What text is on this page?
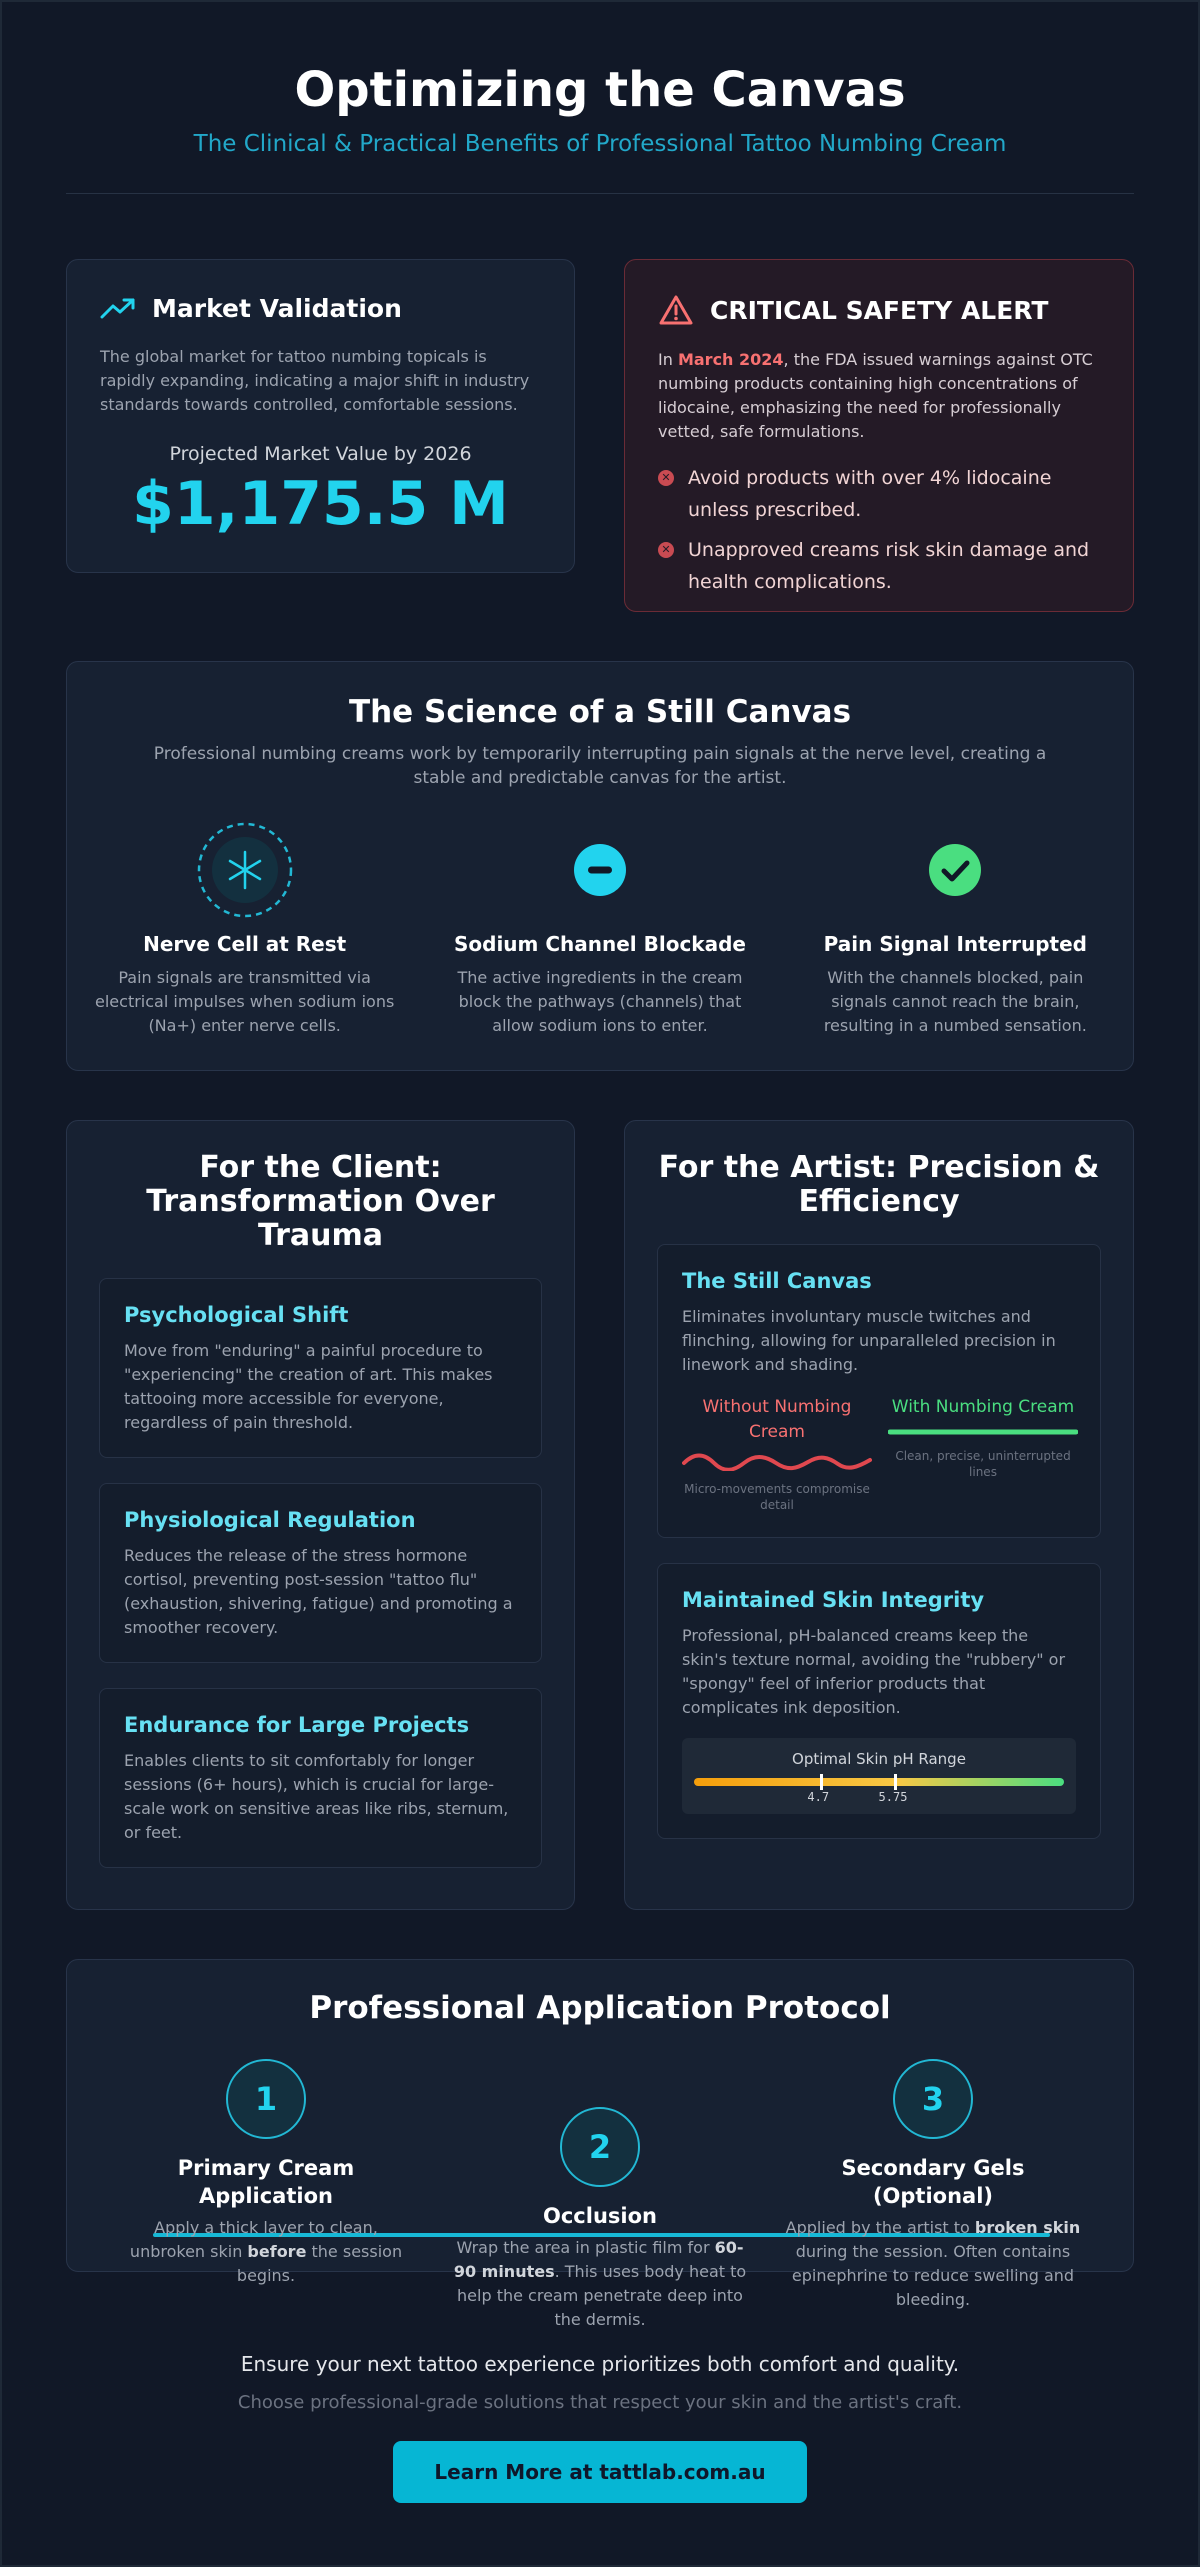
Optimizing the Canvas
The Clinical & Practical Benefits of Professional Tattoo Numbing Cream
Market Validation

The global market for tattoo numbing topicals is rapidly expanding, indicating a major shift in industry standards towards controlled, comfortable sessions.

Projected Market Value by 2026
$1,175.5 M
CRITICAL SAFETY ALERT

In March 2024, the FDA issued warnings against OTC numbing products containing high concentrations of lidocaine, emphasizing the need for professionally vetted, safe formulations.

✕ Avoid products with over 4% lidocaine unless prescribed.
✕ Unapproved creams risk skin damage and health complications.
The Science of a Still Canvas

Professional numbing creams work by temporarily interrupting pain signals at the nerve level, creating a stable and predictable canvas for the artist.

Nerve Cell at Rest
Pain signals are transmitted via electrical impulses when sodium ions (Na+) enter nerve cells.
Sodium Channel Blockade
The active ingredients in the cream block the pathways (channels) that allow sodium ions to enter.
Pain Signal Interrupted
With the channels blocked, pain signals cannot reach the brain, resulting in a numbed sensation.
For the Client: Transformation Over Trauma
Psychological Shift

Move from "enduring" a painful procedure to "experiencing" the creation of art. This makes tattooing more accessible for everyone, regardless of pain threshold.

Physiological Regulation

Reduces the release of the stress hormone cortisol, preventing post-session "tattoo flu" (exhaustion, shivering, fatigue) and promoting a smoother recovery.

Endurance for Large Projects

Enables clients to sit comfortably for longer sessions (6+ hours), which is crucial for large-scale work on sensitive areas like ribs, sternum, or feet.

For the Artist: Precision & Efficiency
The Still Canvas

Eliminates involuntary muscle twitches and flinching, allowing for unparalleled precision in linework and shading.

Without Numbing Cream
Micro-movements compromise detail
With Numbing Cream
Clean, precise, uninterrupted lines
Maintained Skin Integrity

Professional, pH-balanced creams keep the skin's texture normal, avoiding the "rubbery" or "spongy" feel of inferior products that complicates ink deposition.

Optimal Skin pH Range
4.7	5.75
Professional Application Protocol
1
Primary Cream Application

Apply a thick layer to clean, unbroken skin before the session begins.

2
Occlusion

Wrap the area in plastic film for 60-90 minutes. This uses body heat to help the cream penetrate deep into the dermis.

3
Secondary Gels (Optional)

Applied by the artist to broken skin during the session. Often contains epinephrine to reduce swelling and bleeding.

Ensure your next tattoo experience prioritizes both comfort and quality.
Choose professional-grade solutions that respect your skin and the artist's craft.
Learn More at tattlab.com.au
